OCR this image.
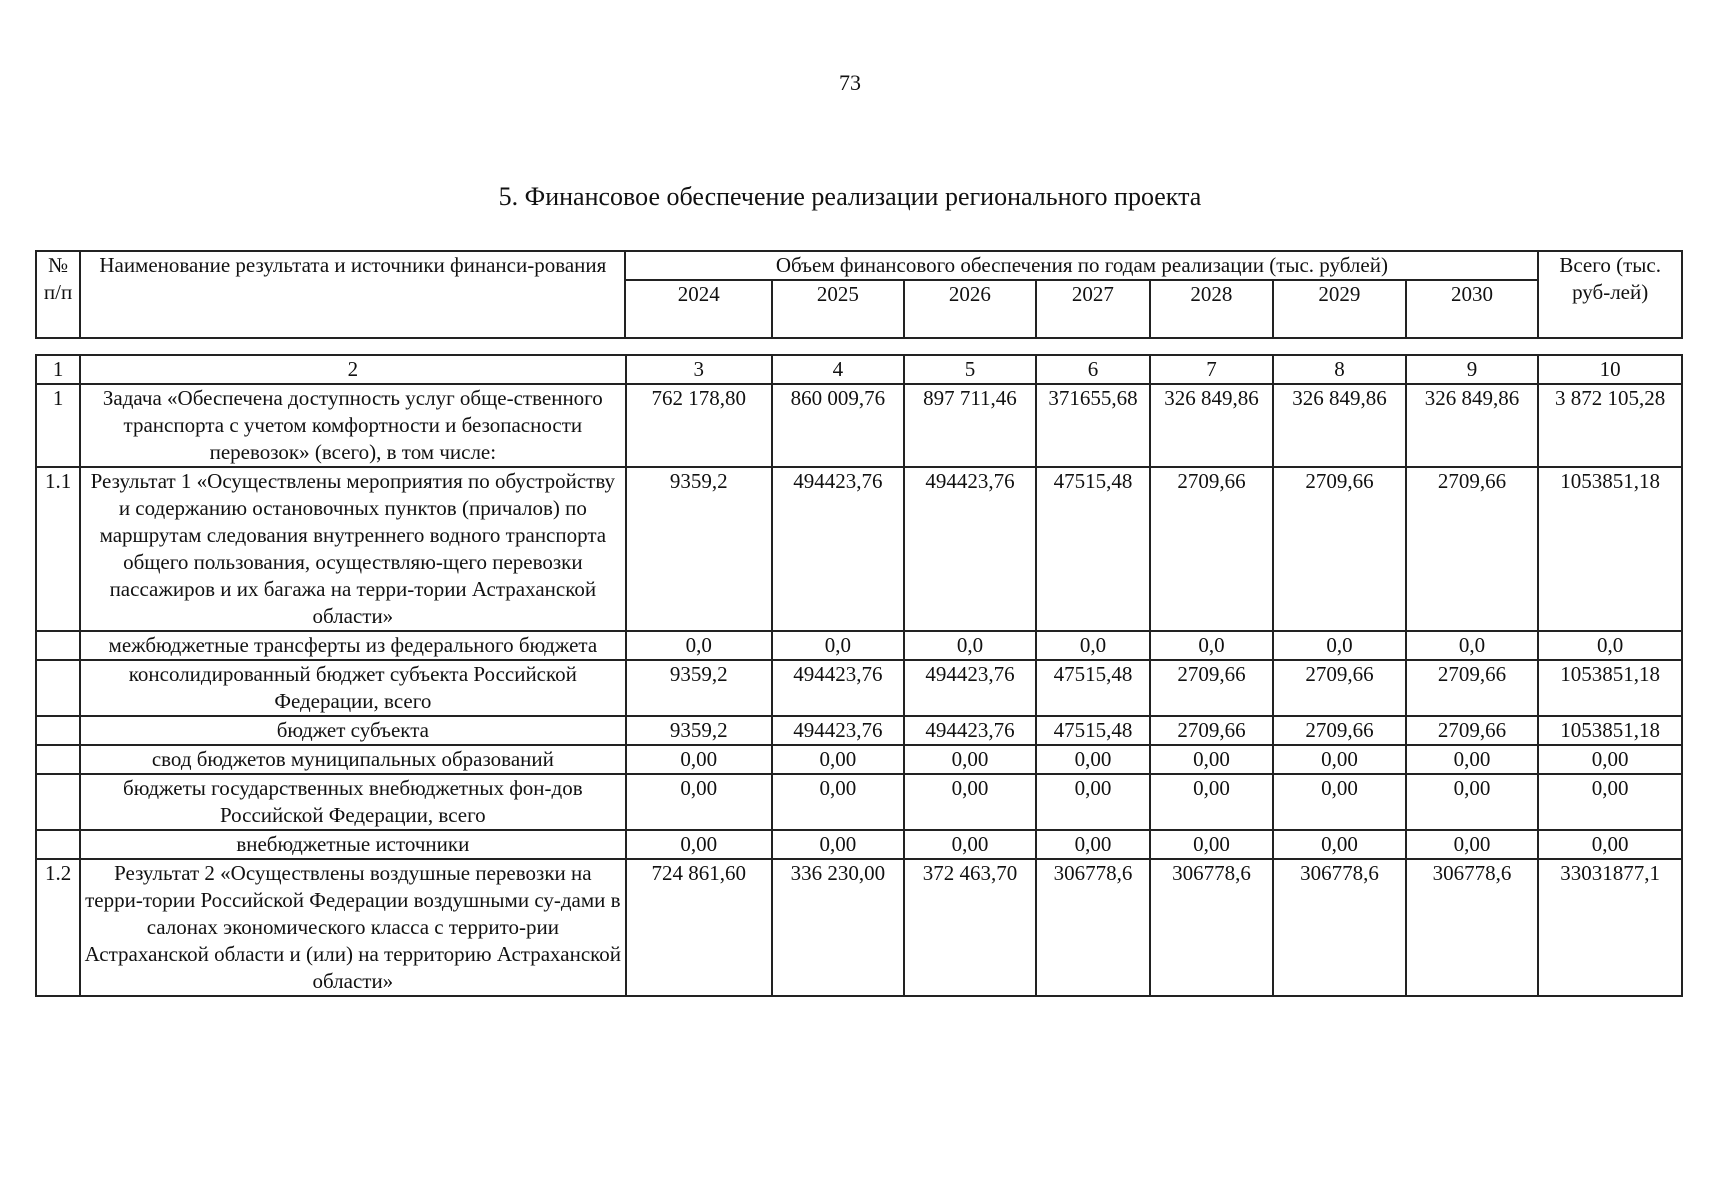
73
5. Финансовое обеспечение реализации регионального проекта
№ п/п	Наименование результата и источники финанси-рования	Объем финансового обеспечения по годам реализации (тыс. рублей)							Всего (тыс. руб-лей)
		2024	2025	2026	2027	2028	2029	2030	
1	2	3	4	5	6	7	8	9	10
1	Задача «Обеспечена доступность услуг обще-ственного транспорта с учетом комфортности и безопасности перевозок» (всего), в том числе:	762 178,80	860 009,76	897 711,46	371655,68	326 849,86	326 849,86	326 849,86	3 872 105,28
1.1	Результат 1 «Осуществлены мероприятия по обустройству и содержанию остановочных пунктов (причалов) по маршрутам следования внутреннего водного транспорта общего пользования, осуществляю-щего перевозки пассажиров и их багажа на терри-тории Астраханской области»	9359,2	494423,76	494423,76	47515,48	2709,66	2709,66	2709,66	1053851,18
	межбюджетные трансферты из федерального бюджета	0,0	0,0	0,0	0,0	0,0	0,0	0,0	0,0
	консолидированный бюджет субъекта Российской Федерации, всего	9359,2	494423,76	494423,76	47515,48	2709,66	2709,66	2709,66	1053851,18
	бюджет субъекта	9359,2	494423,76	494423,76	47515,48	2709,66	2709,66	2709,66	1053851,18
	свод бюджетов муниципальных образований	0,00	0,00	0,00	0,00	0,00	0,00	0,00	0,00
	бюджеты государственных внебюджетных фон-дов Российской Федерации, всего	0,00	0,00	0,00	0,00	0,00	0,00	0,00	0,00
	внебюджетные источники	0,00	0,00	0,00	0,00	0,00	0,00	0,00	0,00
1.2	Результат 2 «Осуществлены воздушные перевозки на терри-тории Российской Федерации воздушными су-дами в салонах экономического класса с террито-рии Астраханской области и (или) на территорию Астраханской области»	724 861,60	336 230,00	372 463,70	306778,6	306778,6	306778,6	306778,6	33031877,1
